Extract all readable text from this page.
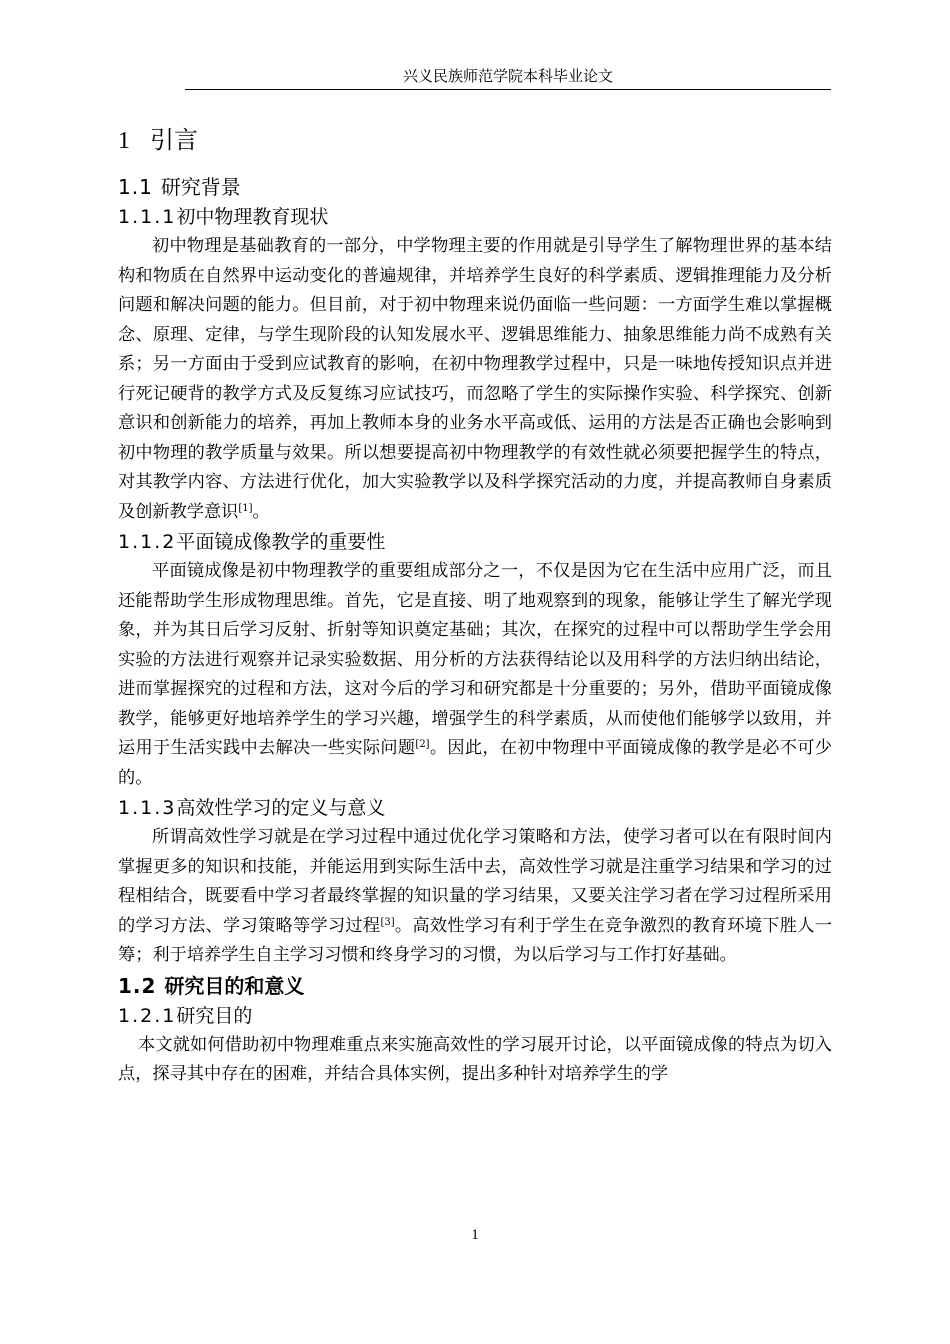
兴义民族师范学院本科毕业论文
1 引言
1.1 研究背景
1.1.1初中物理教育现状

初中物理是基础教育的一部分，中学物理主要的作用就是引导学生了解物理世界的基本结构和物质在自然界中运动变化的普遍规律，并培养学生良好的科学素质、逻辑推理能力及分析问题和解决问题的能力。但目前，对于初中物理来说仍面临一些问题：一方面学生难以掌握概念、原理、定律，与学生现阶段的认知发展水平、逻辑思维能力、抽象思维能力尚不成熟有关系；另一方面由于受到应试教育的影响，在初中物理教学过程中，只是一味地传授知识点并进行死记硬背的教学方式及反复练习应试技巧，而忽略了学生的实际操作实验、科学探究、创新意识和创新能力的培养，再加上教师本身的业务水平高或低、运用的方法是否正确也会影响到初中物理的教学质量与效果。所以想要提高初中物理教学的有效性就必须要把握学生的特点，对其教学内容、方法进行优化，加大实验教学以及科学探究活动的力度，并提高教师自身素质及创新教学意识[1]。

1.1.2平面镜成像教学的重要性

平面镜成像是初中物理教学的重要组成部分之一，不仅是因为它在生活中应用广泛，而且还能帮助学生形成物理思维。首先，它是直接、明了地观察到的现象，能够让学生了解光学现象，并为其日后学习反射、折射等知识奠定基础；其次，在探究的过程中可以帮助学生学会用实验的方法进行观察并记录实验数据、用分析的方法获得结论以及用科学的方法归纳出结论，进而掌握探究的过程和方法，这对今后的学习和研究都是十分重要的；另外，借助平面镜成像教学，能够更好地培养学生的学习兴趣，增强学生的科学素质，从而使他们能够学以致用，并运用于生活实践中去解决一些实际问题[2]。因此，在初中物理中平面镜成像的教学是必不可少的。

1.1.3高效性学习的定义与意义

所谓高效性学习就是在学习过程中通过优化学习策略和方法，使学习者可以在有限时间内掌握更多的知识和技能，并能运用到实际生活中去，高效性学习就是注重学习结果和学习的过程相结合，既要看中学习者最终掌握的知识量的学习结果，又要关注学习者在学习过程所采用的学习方法、学习策略等学习过程[3]。高效性学习有利于学生在竞争激烈的教育环境下胜人一筹；利于培养学生自主学习习惯和终身学习的习惯，为以后学习与工作打好基础。

1.2 研究目的和意义
1.2.1研究目的

本文就如何借助初中物理难重点来实施高效性的学习展开讨论，以平面镜成像的特点为切入点，探寻其中存在的困难，并结合具体实例，提出多种针对培养学生的学

1
